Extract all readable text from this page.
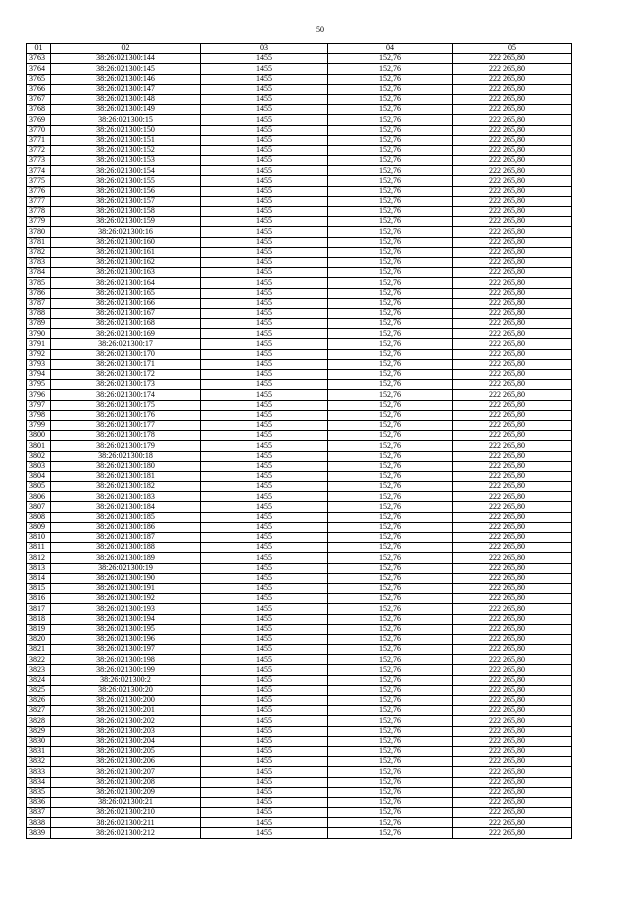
50
01	02	03	04	05
3763	38:26:021300:144	1455	152,76	222 265,80
3764	38:26:021300:145	1455	152,76	222 265,80
3765	38:26:021300:146	1455	152,76	222 265,80
3766	38:26:021300:147	1455	152,76	222 265,80
3767	38:26:021300:148	1455	152,76	222 265,80
3768	38:26:021300:149	1455	152,76	222 265,80
3769	38:26:021300:15	1455	152,76	222 265,80
3770	38:26:021300:150	1455	152,76	222 265,80
3771	38:26:021300:151	1455	152,76	222 265,80
3772	38:26:021300:152	1455	152,76	222 265,80
3773	38:26:021300:153	1455	152,76	222 265,80
3774	38:26:021300:154	1455	152,76	222 265,80
3775	38:26:021300:155	1455	152,76	222 265,80
3776	38:26:021300:156	1455	152,76	222 265,80
3777	38:26:021300:157	1455	152,76	222 265,80
3778	38:26:021300:158	1455	152,76	222 265,80
3779	38:26:021300:159	1455	152,76	222 265,80
3780	38:26:021300:16	1455	152,76	222 265,80
3781	38:26:021300:160	1455	152,76	222 265,80
3782	38:26:021300:161	1455	152,76	222 265,80
3783	38:26:021300:162	1455	152,76	222 265,80
3784	38:26:021300:163	1455	152,76	222 265,80
3785	38:26:021300:164	1455	152,76	222 265,80
3786	38:26:021300:165	1455	152,76	222 265,80
3787	38:26:021300:166	1455	152,76	222 265,80
3788	38:26:021300:167	1455	152,76	222 265,80
3789	38:26:021300:168	1455	152,76	222 265,80
3790	38:26:021300:169	1455	152,76	222 265,80
3791	38:26:021300:17	1455	152,76	222 265,80
3792	38:26:021300:170	1455	152,76	222 265,80
3793	38:26:021300:171	1455	152,76	222 265,80
3794	38:26:021300:172	1455	152,76	222 265,80
3795	38:26:021300:173	1455	152,76	222 265,80
3796	38:26:021300:174	1455	152,76	222 265,80
3797	38:26:021300:175	1455	152,76	222 265,80
3798	38:26:021300:176	1455	152,76	222 265,80
3799	38:26:021300:177	1455	152,76	222 265,80
3800	38:26:021300:178	1455	152,76	222 265,80
3801	38:26:021300:179	1455	152,76	222 265,80
3802	38:26:021300:18	1455	152,76	222 265,80
3803	38:26:021300:180	1455	152,76	222 265,80
3804	38:26:021300:181	1455	152,76	222 265,80
3805	38:26:021300:182	1455	152,76	222 265,80
3806	38:26:021300:183	1455	152,76	222 265,80
3807	38:26:021300:184	1455	152,76	222 265,80
3808	38:26:021300:185	1455	152,76	222 265,80
3809	38:26:021300:186	1455	152,76	222 265,80
3810	38:26:021300:187	1455	152,76	222 265,80
3811	38:26:021300:188	1455	152,76	222 265,80
3812	38:26:021300:189	1455	152,76	222 265,80
3813	38:26:021300:19	1455	152,76	222 265,80
3814	38:26:021300:190	1455	152,76	222 265,80
3815	38:26:021300:191	1455	152,76	222 265,80
3816	38:26:021300:192	1455	152,76	222 265,80
3817	38:26:021300:193	1455	152,76	222 265,80
3818	38:26:021300:194	1455	152,76	222 265,80
3819	38:26:021300:195	1455	152,76	222 265,80
3820	38:26:021300:196	1455	152,76	222 265,80
3821	38:26:021300:197	1455	152,76	222 265,80
3822	38:26:021300:198	1455	152,76	222 265,80
3823	38:26:021300:199	1455	152,76	222 265,80
3824	38:26:021300:2	1455	152,76	222 265,80
3825	38:26:021300:20	1455	152,76	222 265,80
3826	38:26:021300:200	1455	152,76	222 265,80
3827	38:26:021300:201	1455	152,76	222 265,80
3828	38:26:021300:202	1455	152,76	222 265,80
3829	38:26:021300:203	1455	152,76	222 265,80
3830	38:26:021300:204	1455	152,76	222 265,80
3831	38:26:021300:205	1455	152,76	222 265,80
3832	38:26:021300:206	1455	152,76	222 265,80
3833	38:26:021300:207	1455	152,76	222 265,80
3834	38:26:021300:208	1455	152,76	222 265,80
3835	38:26:021300:209	1455	152,76	222 265,80
3836	38:26:021300:21	1455	152,76	222 265,80
3837	38:26:021300:210	1455	152,76	222 265,80
3838	38:26:021300:211	1455	152,76	222 265,80
3839	38:26:021300:212	1455	152,76	222 265,80
